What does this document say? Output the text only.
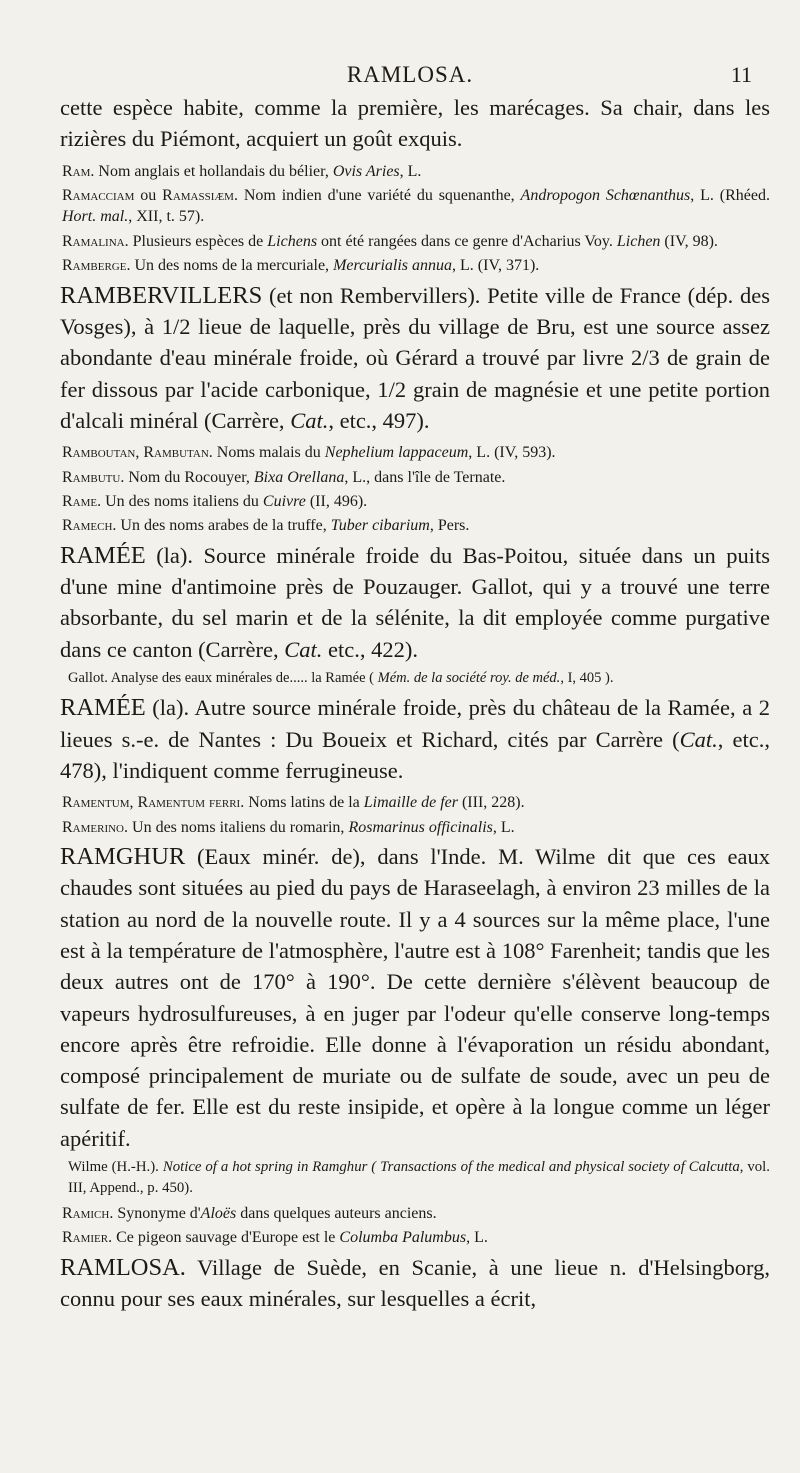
RAMLOSA.	11

cette espèce habite, comme la première, les marécages. Sa chair, dans les rizières du Piémont, acquiert un goût exquis.

Ram. Nom anglais et hollandais du bélier, Ovis Aries, L.

Ramacciam ou Ramassiæm. Nom indien d'une variété du squenanthe, Andropogon Schœnanthus, L. (Rhéed. Hort. mal., XII, t. 57).

Ramalina. Plusieurs espèces de Lichens ont été rangées dans ce genre d'Acharius Voy. Lichen (IV, 98).

Ramberge. Un des noms de la mercuriale, Mercurialis annua, L. (IV, 371).

RAMBERVILLERS (et non Rembervillers). Petite ville de France (dép. des Vosges), à 1/2 lieue de laquelle, près du village de Bru, est une source assez abondante d'eau minérale froide, où Gérard a trouvé par livre 2/3 de grain de fer dissous par l'acide carbonique, 1/2 grain de magnésie et une petite portion d'alcali minéral (Carrère, Cat., etc., 497).

Ramboutan, Rambutan. Noms malais du Nephelium lappaceum, L. (IV, 593).

Rambutu. Nom du Rocouyer, Bixa Orellana, L., dans l'île de Ternate.

Rame. Un des noms italiens du Cuivre (II, 496).

Ramech. Un des noms arabes de la truffe, Tuber cibarium, Pers.

RAMÉE (la). Source minérale froide du Bas-Poitou, située dans un puits d'une mine d'antimoine près de Pouzauger. Gallot, qui y a trouvé une terre absorbante, du sel marin et de la sélénite, la dit employée comme purgative dans ce canton (Carrère, Cat. etc., 422).

Gallot. Analyse des eaux minérales de..... la Ramée ( Mém. de la société roy. de méd., I, 405 ).

RAMÉE (la). Autre source minérale froide, près du château de la Ramée, a 2 lieues s.-e. de Nantes : Du Boueix et Richard, cités par Carrère (Cat., etc., 478), l'indiquent comme ferrugineuse.

Ramentum, Ramentum ferri. Noms latins de la Limaille de fer (III, 228).

Ramerino. Un des noms italiens du romarin, Rosmarinus officinalis, L.

RAMGHUR (Eaux minér. de), dans l'Inde. M. Wilme dit que ces eaux chaudes sont situées au pied du pays de Haraseelagh, à environ 23 milles de la station au nord de la nouvelle route. Il y a 4 sources sur la même place, l'une est à la température de l'atmosphère, l'autre est à 108° Farenheit; tandis que les deux autres ont de 170° à 190°. De cette dernière s'élèvent beaucoup de vapeurs hydrosulfureuses, à en juger par l'odeur qu'elle conserve long-temps encore après être refroidie. Elle donne à l'évaporation un résidu abondant, composé principalement de muriate ou de sulfate de soude, avec un peu de sulfate de fer. Elle est du reste insipide, et opère à la longue comme un léger apéritif.

Wilme (H.-H.). Notice of a hot spring in Ramghur ( Transactions of the medical and physical society of Calcutta, vol. III, Append., p. 450).

Ramich. Synonyme d'Aloës dans quelques auteurs anciens.

Ramier. Ce pigeon sauvage d'Europe est le Columba Palumbus, L.

RAMLOSA. Village de Suède, en Scanie, à une lieue n. d'Helsingborg, connu pour ses eaux minérales, sur lesquelles a écrit,
